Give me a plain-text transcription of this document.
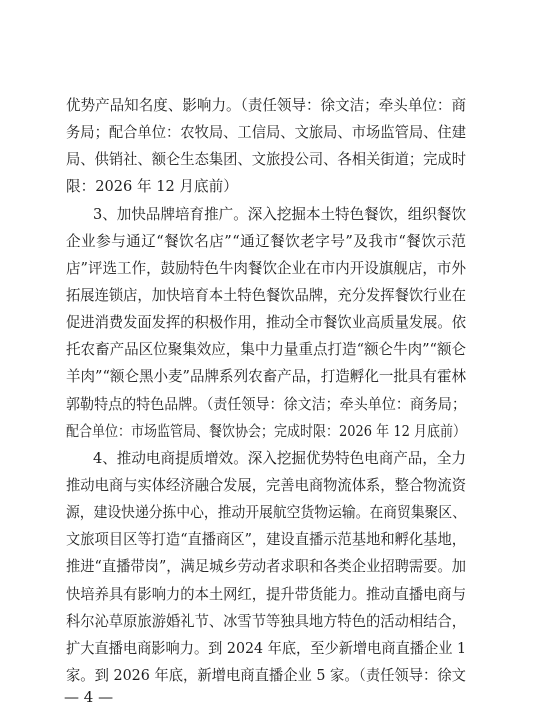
优势产品知名度、影响力。（责任领导：徐文洁；牵头单位：商
务局；配合单位：农牧局、工信局、文旅局、市场监管局、住建
局、供销社、额仑生态集团、文旅投公司、各相关街道；完成时
限：2026 年 12 月底前）
3、加快品牌培育推广。深入挖掘本土特色餐饮，组织餐饮
企业参与通辽“餐饮名店”“通辽餐饮老字号”及我市“餐饮示范
店”评选工作，鼓励特色牛肉餐饮企业在市内开设旗舰店，市外
拓展连锁店，加快培育本土特色餐饮品牌，充分发挥餐饮行业在
促进消费发面发挥的积极作用，推动全市餐饮业高质量发展。依
托农畜产品区位聚集效应，集中力量重点打造“额仑牛肉”“额仑
羊肉”“额仑黑小麦”品牌系列农畜产品，打造孵化一批具有霍林
郭勒特点的特色品牌。（责任领导：徐文洁；牵头单位：商务局；
配合单位：市场监管局、餐饮协会；完成时限：2026 年 12 月底前）
4、推动电商提质增效。深入挖掘优势特色电商产品，全力
推动电商与实体经济融合发展，完善电商物流体系，整合物流资
源，建设快递分拣中心，推动开展航空货物运输。在商贸集聚区、
文旅项目区等打造“直播商区”，建设直播示范基地和孵化基地，
推进“直播带岗”，满足城乡劳动者求职和各类企业招聘需要。加
快培养具有影响力的本土网红，提升带货能力。推动直播电商与
科尔沁草原旅游婚礼节、冰雪节等独具地方特色的活动相结合，
扩大直播电商影响力。到 2024 年底，至少新增电商直播企业 1
家。到 2026 年底，新增电商直播企业 5 家。（责任领导：徐文
— 4 —
